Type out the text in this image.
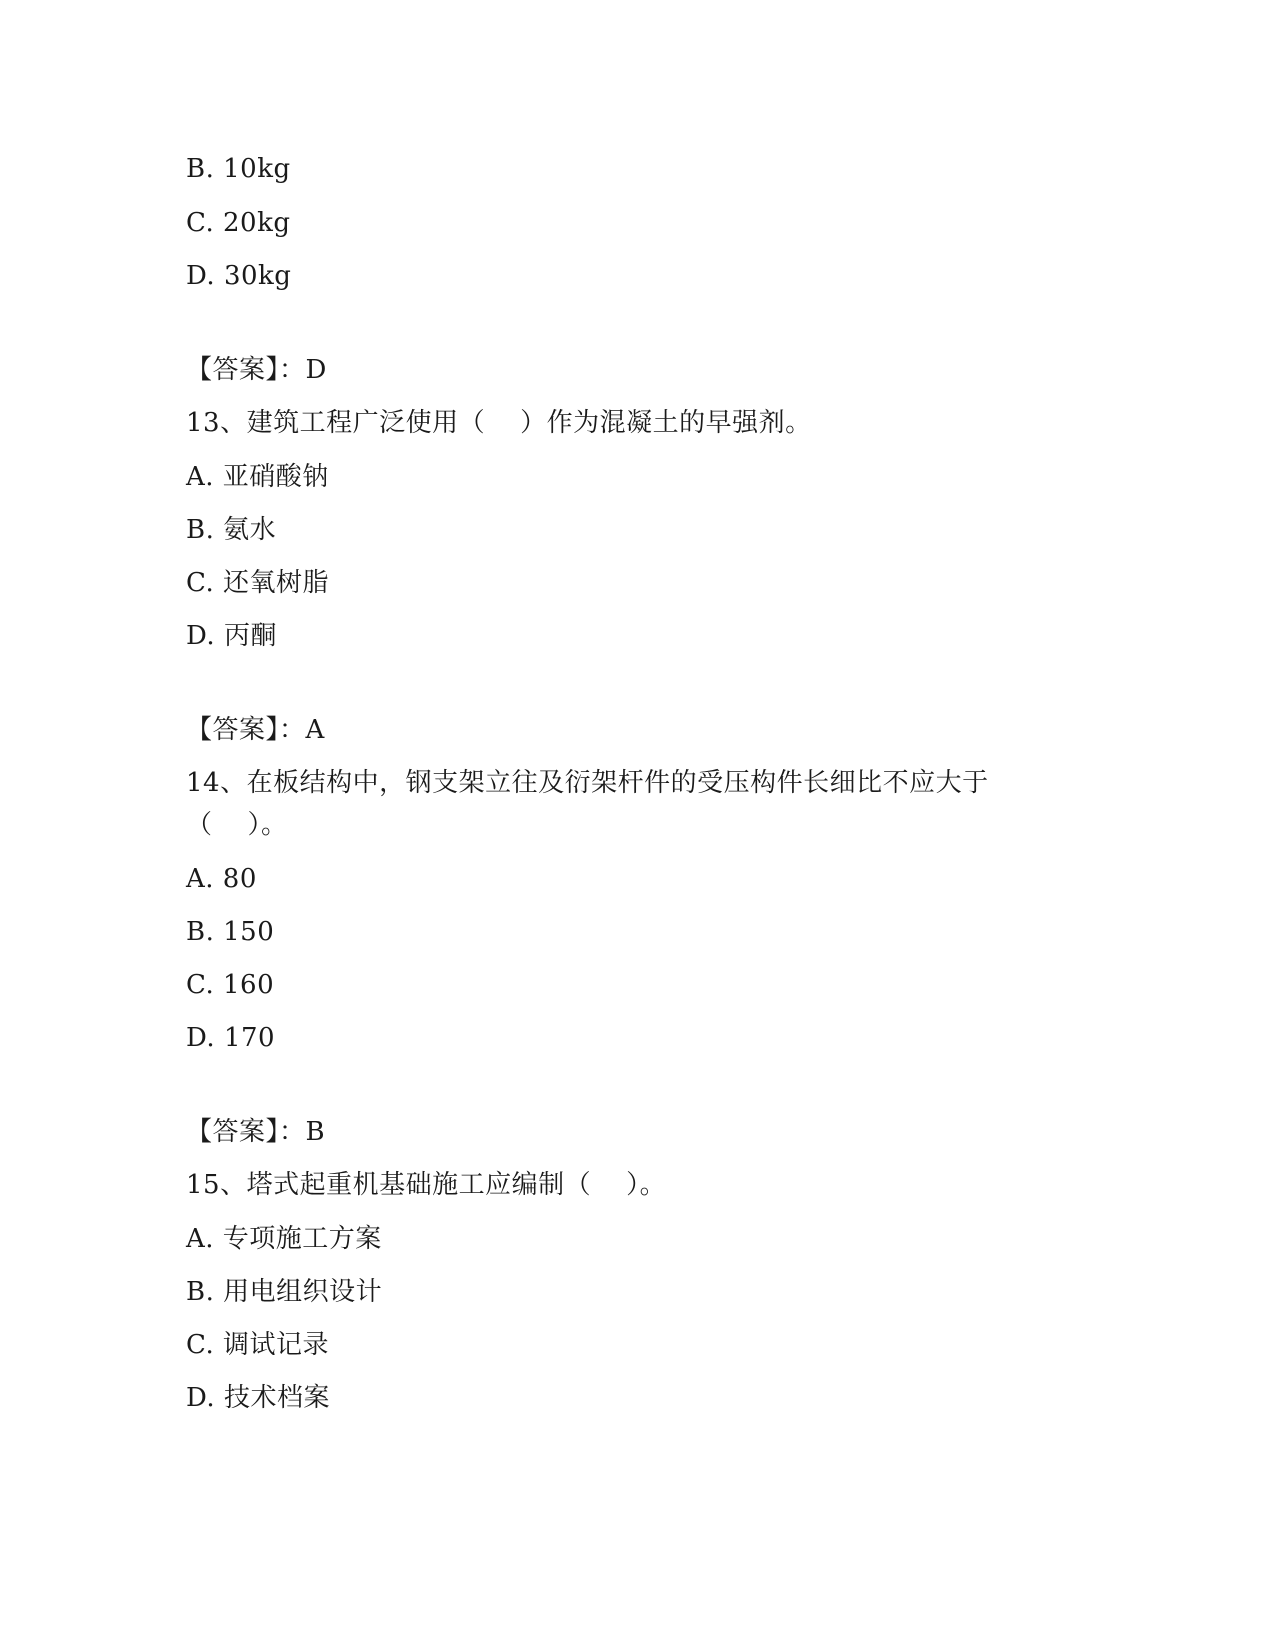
B. 10kg
C. 20kg
D. 30kg
【答案】：D
13、建筑工程广泛使用（    ）作为混凝土的早强剂。
A. 亚硝酸钠
B. 氨水
C. 还氧树脂
D. 丙酮
【答案】：A
14、在板结构中，钢支架立往及衍架杆件的受压构件长细比不应大于
（    ）。
A. 80
B. 150
C. 160
D. 170
【答案】：B
15、塔式起重机基础施工应编制（    ）。
A. 专项施工方案
B. 用电组织设计
C. 调试记录
D. 技术档案
